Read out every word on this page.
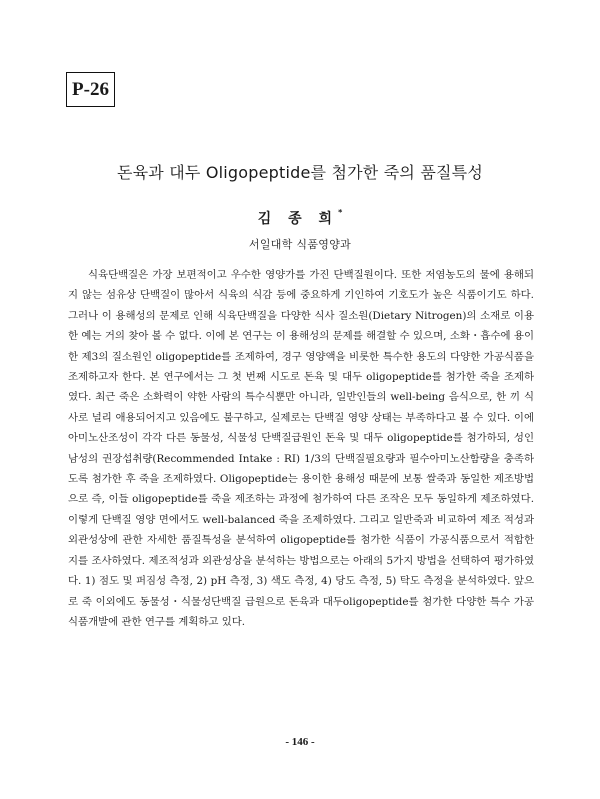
P-26
돈육과 대두 Oligopeptide를 첨가한 죽의 품질특성
김 종 희*
서일대학 식품영양과

식육단백질은 가장 보편적이고 우수한 영양가를 가진 단백질원이다. 또한 저염농도의 물에 용해되지 않는 섬유상 단백질이 많아서 식육의 식감 등에 중요하게 기인하여 기호도가 높은 식품이기도 하다. 그러나 이 용해성의 문제로 인해 식육단백질을 다양한 식사 질소원(Dietary Nitrogen)의 소재로 이용한 예는 거의 찾아 볼 수 없다. 이에 본 연구는 이 용해성의 문제를 해결할 수 있으며, 소화・흡수에 용이한 제3의 질소원인 oligopeptide를 조제하여, 경구 영양액을 비롯한 특수한 용도의 다양한 가공식품을 조제하고자 한다. 본 연구에서는 그 첫 번째 시도로 돈육 및 대두 oligopeptide를 첨가한 죽을 조제하였다. 최근 죽은 소화력이 약한 사람의 특수식뿐만 아니라, 일반인들의 well-being 음식으로, 한 끼 식사로 널리 애용되어지고 있음에도 불구하고, 실제로는 단백질 영양 상태는 부족하다고 볼 수 있다. 이에 아미노산조성이 각각 다른 동물성, 식물성 단백질급원인 돈육 및 대두 oligopeptide를 첨가하되, 성인 남성의 권장섭취량(Recommended Intake : RI) 1/3의 단백질필요량과 필수아미노산함량을 충족하도록 첨가한 후 죽을 조제하였다. Oligopeptide는 용이한 용해성 때문에 보통 쌀죽과 동일한 제조방법으로 즉, 이들 oligopeptide를 죽을 제조하는 과정에 첨가하여 다른 조작은 모두 동일하게 제조하였다. 이렇게 단백질 영양 면에서도 well-balanced 죽을 조제하였다. 그리고 일반죽과 비교하여 제조 적성과 외관성상에 관한 자세한 품질특성을 분석하여 oligopeptide를 첨가한 식품이 가공식품으로서 적합한지를 조사하였다. 제조적성과 외관성상을 분석하는 방법으로는 아래의 5가지 방법을 선택하여 평가하였다. 1) 점도 및 퍼짐성 측정, 2) pH 측정, 3) 색도 측정, 4) 당도 측정, 5) 탁도 측정을 분석하였다. 앞으로 죽 이외에도 동물성・식물성단백질 급원으로 돈육과 대두oligopeptide를 첨가한 다양한 특수 가공식품개발에 관한 연구를 계획하고 있다.

- 146 -
